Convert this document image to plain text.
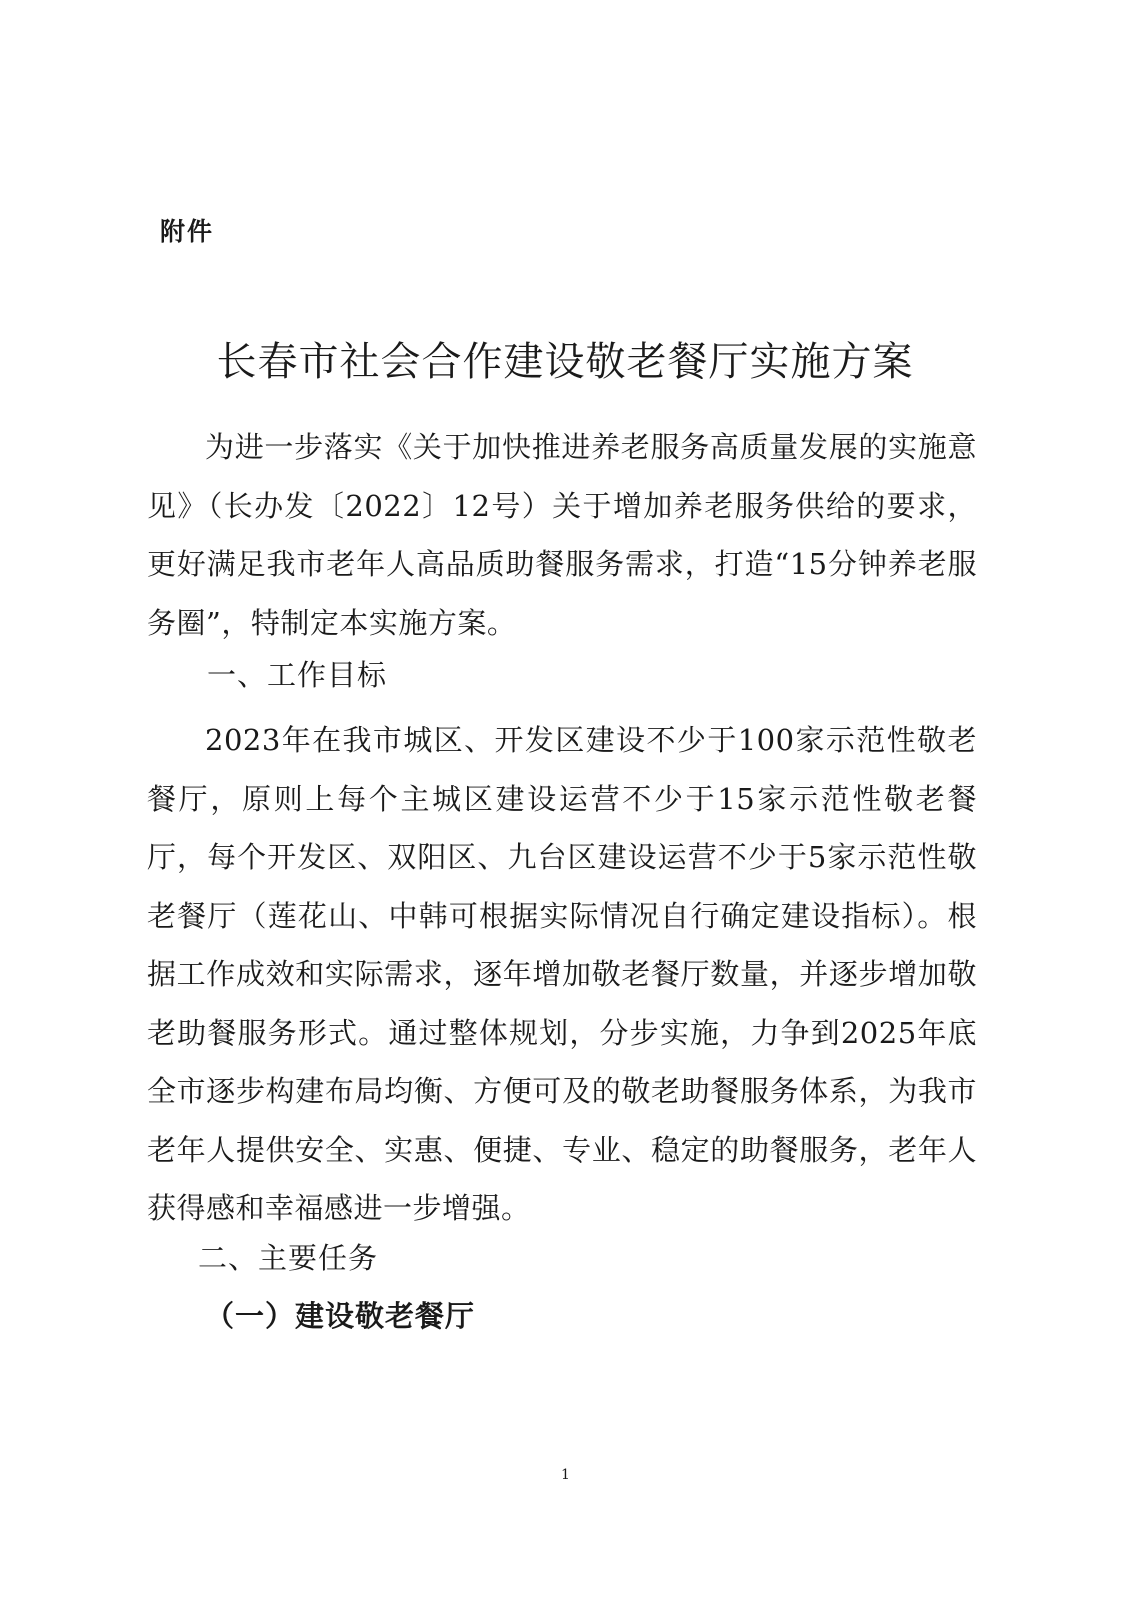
附件
长春市社会合作建设敬老餐厅实施方案

为进一步落实《关于加快推进养老服务高质量发展的实施意见》（长办发〔2022〕12号）关于增加养老服务供给的要求，更好满足我市老年人高品质助餐服务需求，打造“15分钟养老服务圈”，特制定本实施方案。

一、工作目标

2023年在我市城区、开发区建设不少于100家示范性敬老餐厅，原则上每个主城区建设运营不少于15家示范性敬老餐厅，每个开发区、双阳区、九台区建设运营不少于5家示范性敬老餐厅（莲花山、中韩可根据实际情况自行确定建设指标）。根据工作成效和实际需求，逐年增加敬老餐厅数量，并逐步增加敬老助餐服务形式。通过整体规划，分步实施，力争到2025年底全市逐步构建布局均衡、方便可及的敬老助餐服务体系，为我市老年人提供安全、实惠、便捷、专业、稳定的助餐服务，老年人获得感和幸福感进一步增强。

二、主要任务
（一）建设敬老餐厅
1
